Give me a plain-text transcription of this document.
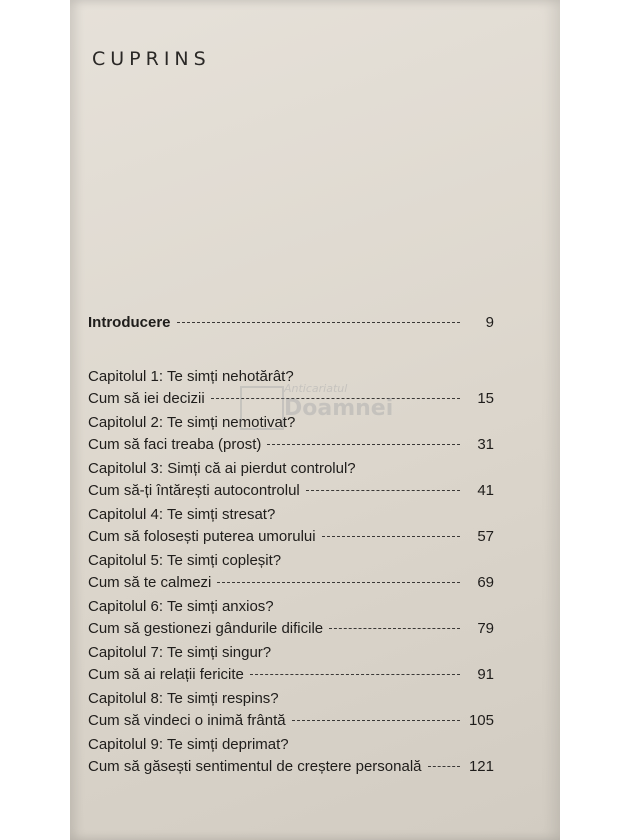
CUPRINS
Introducere	9
Capitolul 1: Te simți nehotărât?
Cum să iei decizii	15
Capitolul 2: Te simți nemotivat?
Cum să faci treaba (prost)	31
Capitolul 3: Simți că ai pierdut controlul?
Cum să-ți întărești autocontrolul	41
Capitolul 4: Te simți stresat?
Cum să folosești puterea umorului	57
Capitolul 5: Te simți copleșit?
Cum să te calmezi	69
Capitolul 6: Te simți anxios?
Cum să gestionezi gândurile dificile	79
Capitolul 7: Te simți singur?
Cum să ai relații fericite	91
Capitolul 8: Te simți respins?
Cum să vindeci o inimă frântă	105
Capitolul 9: Te simți deprimat?
Cum să găsești sentimentul de creștere personală	121
Anticariatul
Doamnei
